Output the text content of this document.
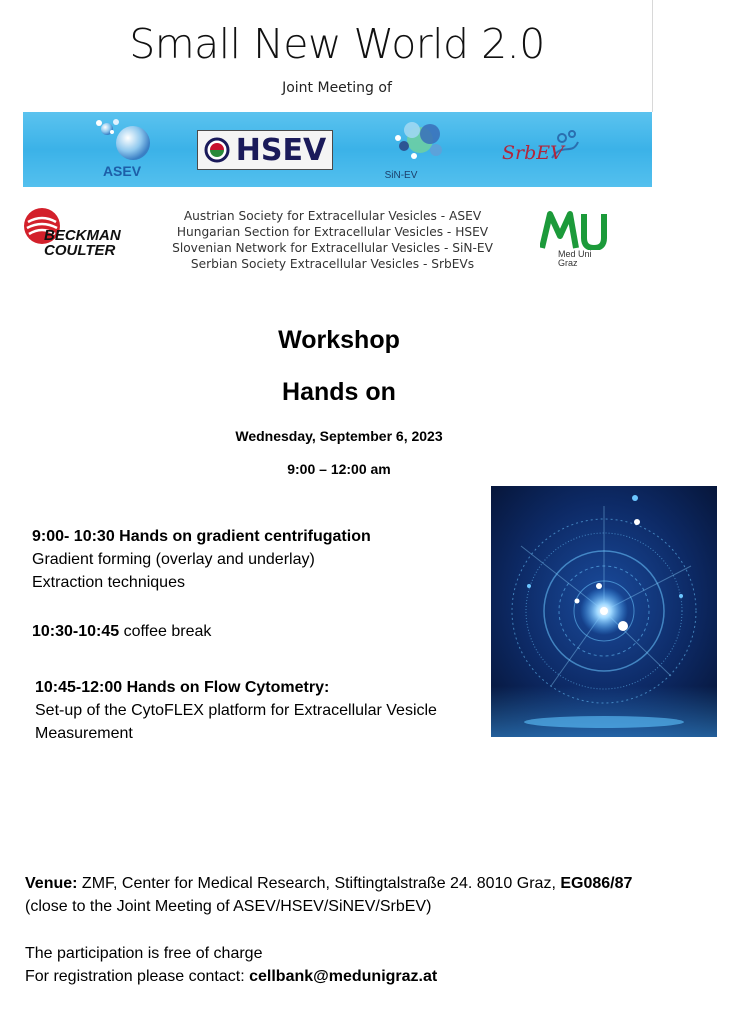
Small New World 2.0
Joint Meeting of
ASEV
HSEV
SiN-EV
SrbEV
BECKMAN
COULTER
Austrian Society for Extracellular Vesicles - ASEV
Hungarian Section for Extracellular Vesicles - HSEV
Slovenian Network for Extracellular Vesicles - SiN-EV
Serbian Society Extracellular Vesicles - SrbEVs
Med Uni
Graz
Workshop
Hands on
Wednesday, September 6, 2023
9:00 – 12:00 am
9:00- 10:30 Hands on gradient centrifugation
Gradient forming (overlay and underlay)
Extraction techniques
10:30-10:45 coffee break
10:45-12:00 Hands on Flow Cytometry:
Set-up of the CytoFLEX platform for Extracellular Vesicle
Measurement
Venue: ZMF, Center for Medical Research, Stiftingtalstraße 24. 8010 Graz, EG086/87
(close to the Joint Meeting of ASEV/HSEV/SiNEV/SrbEV)
The participation is free of charge
For registration please contact: cellbank@medunigraz.at
